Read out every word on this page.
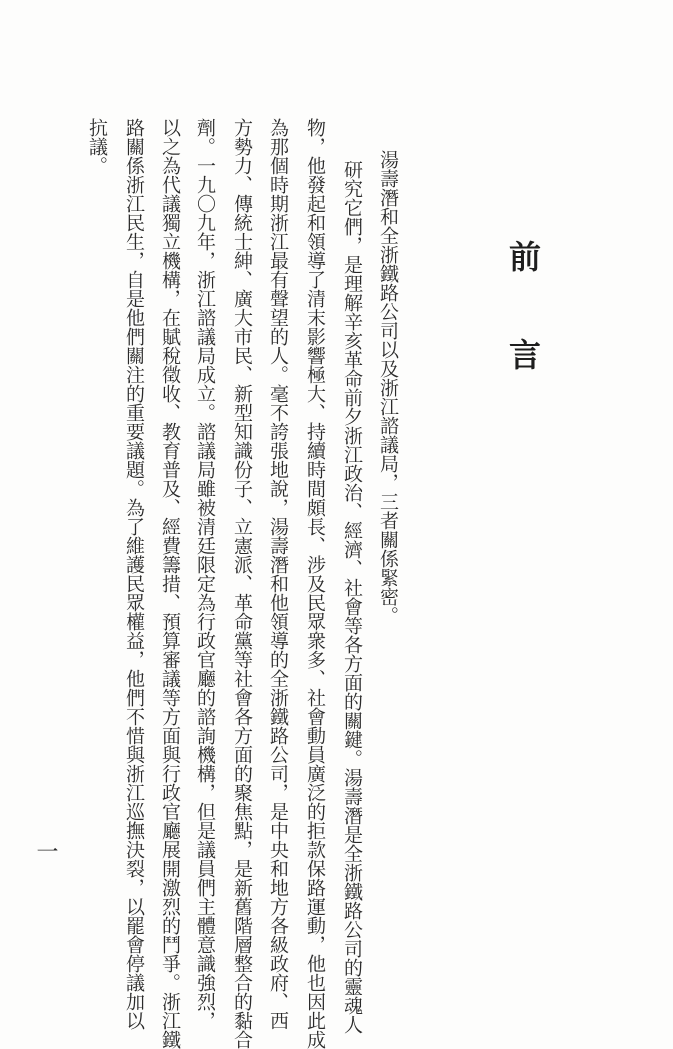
前
言
湯壽潛和全浙鐵路公司以及浙江諮議局，三者關係緊密。
研究它們，是理解辛亥革命前夕浙江政治、經濟、社會等各方面的關鍵。湯壽潛是全浙鐵路公司的靈魂人
物，他發起和領導了清末影響極大、持續時間頗長、涉及民眾衆多、社會動員廣泛的拒款保路運動，他也因此成
為那個時期浙江最有聲望的人。毫不誇張地說，湯壽潛和他領導的全浙鐵路公司，是中央和地方各級政府、西
方勢力、傳統士紳、廣大市民、新型知識份子、立憲派、革命黨等社會各方面的聚焦點，是新舊階層整合的黏合
劑。一九〇九年，浙江諮議局成立。諮議局雖被清廷限定為行政官廳的諮詢機構，但是議員們主體意識強烈，
以之為代議獨立機構，在賦稅徵收、教育普及、經費籌措、預算審議等方面與行政官廳展開激烈的鬥爭。浙江鐵
路關係浙江民生，自是他們關注的重要議題。為了維護民眾權益，他們不惜與浙江巡撫決裂，以罷會停議加以
抗議。
一
